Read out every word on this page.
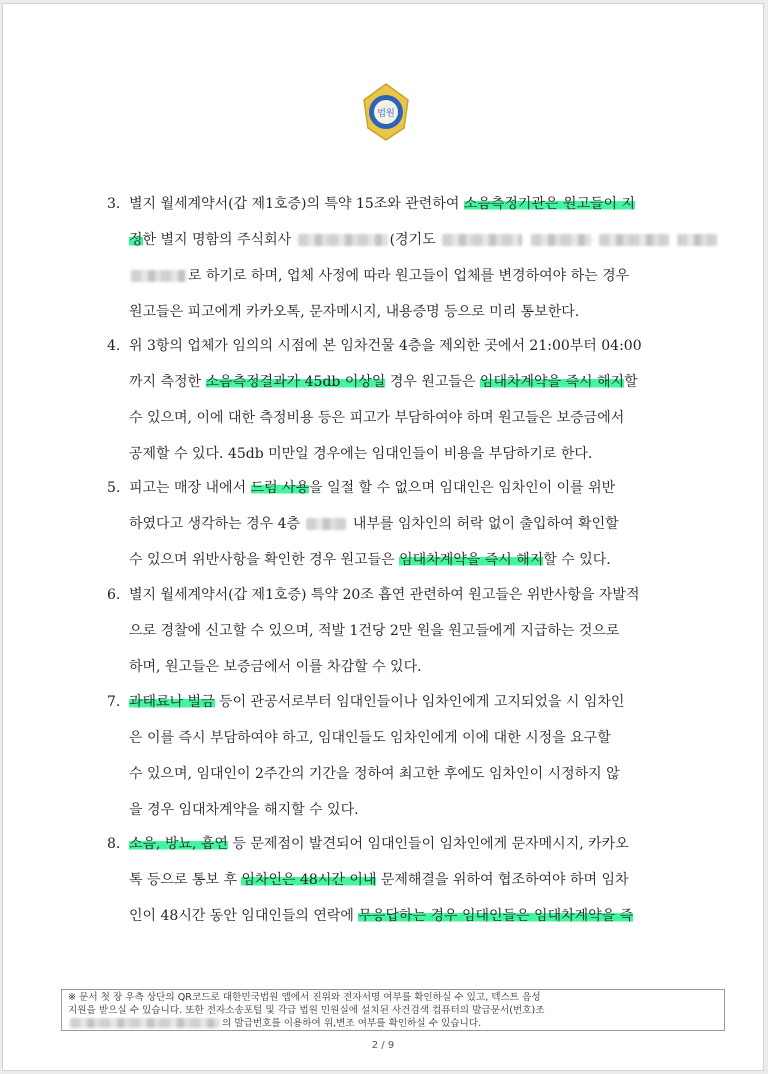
법원
3. 별지 월세계약서(갑 제1호증)의 특약 15조와 관련하여 소음측정기관은 원고들이 지
정한 별지 명함의 주식회사	(경기도
로 하기로 하며, 업체 사정에 따라 원고들이 업체를 변경하여야 하는 경우
원고들은 피고에게 카카오톡, 문자메시지, 내용증명 등으로 미리 통보한다.
4. 위 3항의 업체가 임의의 시점에 본 임차건물 4층을 제외한 곳에서 21:00부터 04:00
까지 측정한 소음측정결과가 45db 이상일 경우 원고들은 임대차계약을 즉시 해지할
수 있으며, 이에 대한 측정비용 등은 피고가 부담하여야 하며 원고들은 보증금에서
공제할 수 있다. 45db 미만일 경우에는 임대인들이 비용을 부담하기로 한다.
5. 피고는 매장 내에서 드럼 사용을 일절 할 수 없으며 임대인은 임차인이 이를 위반
하였다고 생각하는 경우 4층	내부를 임차인의 허락 없이 출입하여 확인할
수 있으며 위반사항을 확인한 경우 원고들은 임대차계약을 즉시 해지할 수 있다.
6. 별지 월세계약서(갑 제1호증) 특약 20조 흡연 관련하여 원고들은 위반사항을 자발적
으로 경찰에 신고할 수 있으며, 적발 1건당 2만 원을 원고들에게 지급하는 것으로
하며, 원고들은 보증금에서 이를 차감할 수 있다.
7. 과태료나 벌금 등이 관공서로부터 임대인들이나 임차인에게 고지되었을 시 임차인
은 이를 즉시 부담하여야 하고, 임대인들도 임차인에게 이에 대한 시정을 요구할
수 있으며, 임대인이 2주간의 기간을 정하여 최고한 후에도 임차인이 시정하지 않
을 경우 임대차계약을 해지할 수 있다.
8. 소음, 방뇨, 흡연 등 문제점이 발견되어 임대인들이 임차인에게 문자메시지, 카카오
톡 등으로 통보 후 임차인은 48시간 이내 문제해결을 위하여 협조하여야 하며 임차
인이 48시간 동안 임대인들의 연락에 무응답하는 경우 임대인들은 임대차계약을 즉
※ 문서 첫 장 우측 상단의 QR코드로 대한민국법원 앱에서 진위와 전자서명 여부를 확인하실 수 있고, 텍스트 음성
지원을 받으실 수 있습니다. 또한 전자소송포털 및 각급 법원 민원실에 설치된 사건검색 컴퓨터의 발급문서(번호)조
의 발급번호를 이용하여 위,변조 여부를 확인하실 수 있습니다.
2 / 9
